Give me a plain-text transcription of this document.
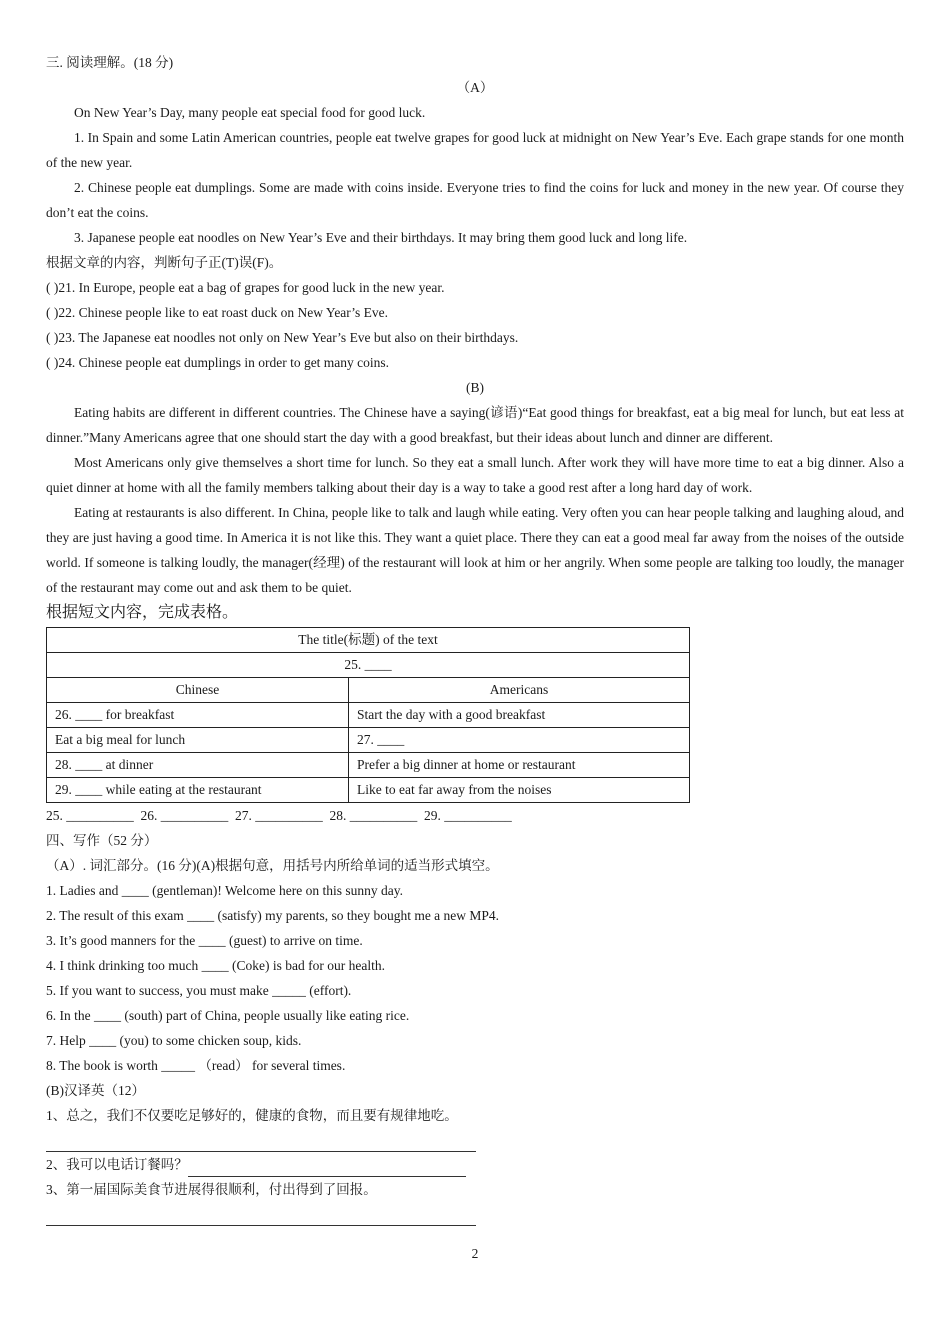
三. 阅读理解。(18 分)
（A）
On New Year’s Day, many people eat special food for good luck.
1. In Spain and some Latin American countries, people eat twelve grapes for good luck at midnight on New Year’s Eve. Each grape stands for one month of the new year.
2. Chinese people eat dumplings. Some are made with coins inside. Everyone tries to find the coins for luck and money in the new year. Of course they don’t eat the coins.
3. Japanese people eat noodles on New Year’s Eve and their birthdays. It may bring them good luck and long life.
根据文章的内容，判断句子正(T)误(F)。
( )21. In Europe, people eat a bag of grapes for good luck in the new year.
( )22. Chinese people like to eat roast duck on New Year’s Eve.
( )23. The Japanese eat noodles not only on New Year’s Eve but also on their birthdays.
( )24. Chinese people eat dumplings in order to get many coins.
(B)
Eating habits are different in different countries. The Chinese have a saying(谚语)“Eat good things for breakfast, eat a big meal for lunch, but eat less at dinner.”Many Americans agree that one should start the day with a good breakfast, but their ideas about lunch and dinner are different.
Most Americans only give themselves a short time for lunch. So they eat a small lunch. After work they will have more time to eat a big dinner. Also a quiet dinner at home with all the family members talking about their day is a way to take a good rest after a long hard day of work.
Eating at restaurants is also different. In China, people like to talk and laugh while eating. Very often you can hear people talking and laughing aloud, and they are just having a good time. In America it is not like this. They want a quiet place. There they can eat a good meal far away from the noises of the outside world. If someone is talking loudly, the manager(经理) of the restaurant will look at him or her angrily. When some people are talking too loudly, the manager of the restaurant may come out and ask them to be quiet.
根据短文内容，完成表格。
The title(标题) of the text	
25. ____	
Chinese	Americans
26. ____ for breakfast	Start the day with a good breakfast
Eat a big meal for lunch	27. ____
28. ____ at dinner	Prefer a big dinner at home or restaurant
29. ____ while eating at the restaurant	Like to eat far away from the noises
25. __________  26. __________  27. __________  28. __________  29. __________
四、写作（52 分）
（A）. 词汇部分。(16 分)(A)根据句意，用括号内所给单词的适当形式填空。
1. Ladies and ____ (gentleman)! Welcome here on this sunny day.
2. The result of this exam ____ (satisfy) my parents, so they bought me a new MP4.
3. It’s good manners for the ____ (guest) to arrive on time.
4. I think drinking too much ____ (Coke) is bad for our health.
5. If you want to success, you must make _____ (effort).
6. In the ____ (south) part of China, people usually like eating rice.
7. Help ____ (you) to some chicken soup, kids.
8. The book is worth _____ （read） for several times.
(B)汉译英（12）
1、总之，我们不仅要吃足够好的，健康的食物，而且要有规律地吃。
2、我可以电话订餐吗？
3、第一届国际美食节进展得很顺利，付出得到了回报。
2
